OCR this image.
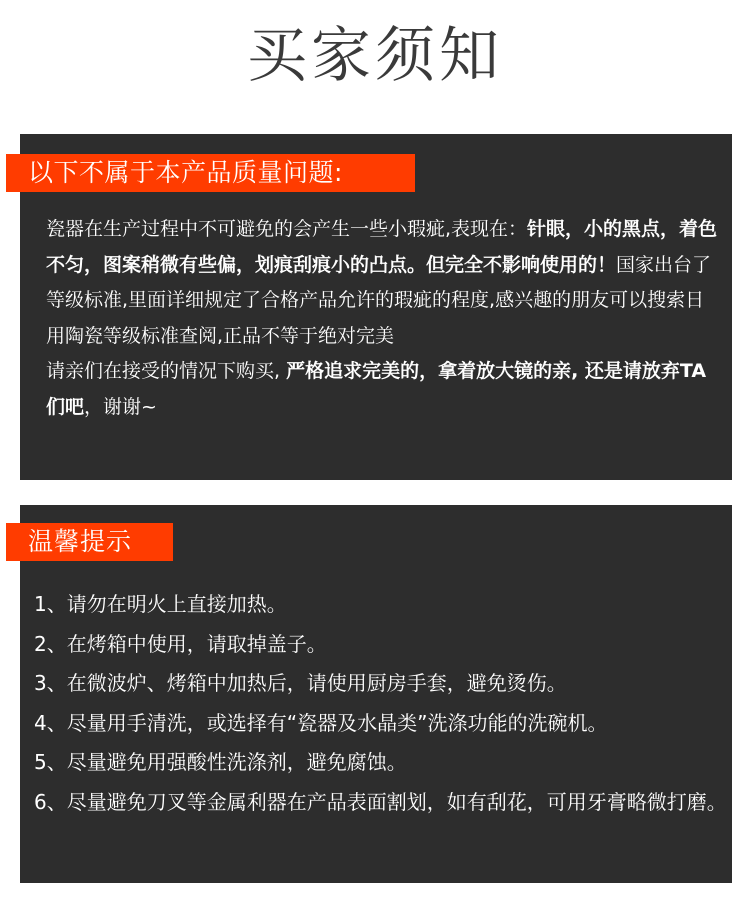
买家须知
以下不属于本产品质量问题:

瓷器在生产过程中不可避免的会产生一些小瑕疵,表现在：针眼，小的黑点，着色不匀，图案稍微有些偏，划痕刮痕小的凸点。但完全不影响使用的！国家出台了等级标准,里面详细规定了合格产品允许的瑕疵的程度,感兴趣的朋友可以搜索日用陶瓷等级标准查阅,正品不等于绝对完美

请亲们在接受的情况下购买, 严格追求完美的，拿着放大镜的亲, 还是请放弃TA们吧，谢谢~

温馨提示
1、请勿在明火上直接加热。
2、在烤箱中使用，请取掉盖子。
3、在微波炉、烤箱中加热后，请使用厨房手套，避免烫伤。
4、尽量用手清洗，或选择有“瓷器及水晶类”洗涤功能的洗碗机。
5、尽量避免用强酸性洗涤剂，避免腐蚀。
6、尽量避免刀叉等金属利器在产品表面割划，如有刮花，可用牙膏略微打磨。
